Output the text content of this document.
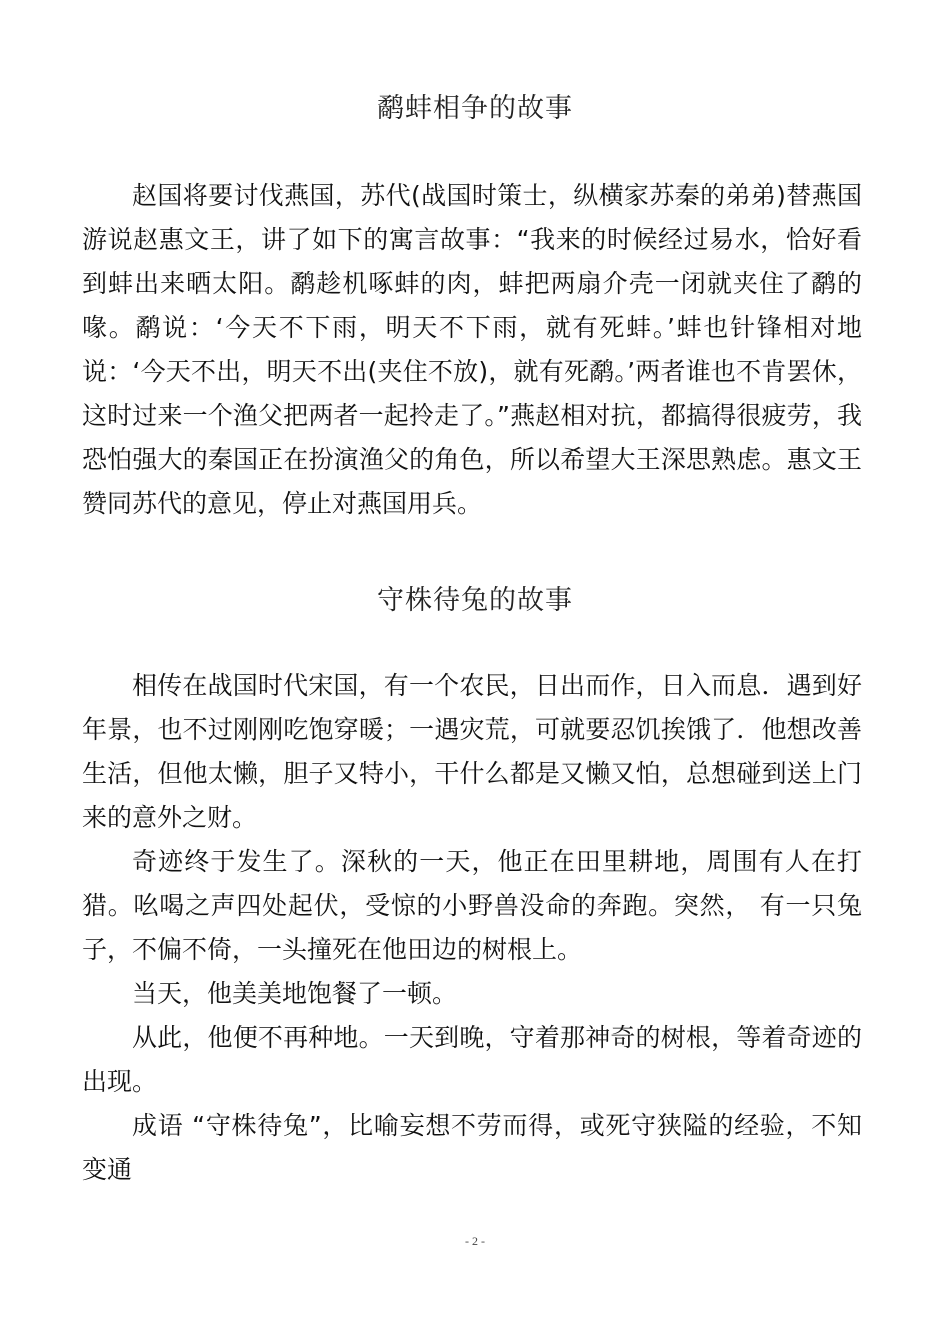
鹬蚌相争的故事

赵国将要讨伐燕国，苏代(战国时策士，纵横家苏秦的弟弟)替燕国游说赵惠文王，讲了如下的寓言故事：“我来的时候经过易水，恰好看到蚌出来晒太阳。鹬趁机啄蚌的肉，蚌把两扇介壳一闭就夹住了鹬的喙。鹬说：‘今天不下雨，明天不下雨，就有死蚌。’蚌也针锋相对地说：‘今天不出，明天不出(夹住不放)，就有死鹬。’两者谁也不肯罢休，这时过来一个渔父把两者一起拎走了。”燕赵相对抗，都搞得很疲劳，我恐怕强大的秦国正在扮演渔父的角色，所以希望大王深思熟虑。惠文王赞同苏代的意见，停止对燕国用兵。

守株待兔的故事

相传在战国时代宋国，有一个农民，日出而作，日入而息．遇到好年景，也不过刚刚吃饱穿暖；一遇灾荒，可就要忍饥挨饿了．他想改善生活，但他太懒，胆子又特小，干什么都是又懒又怕，总想碰到送上门来的意外之财。

奇迹终于发生了。深秋的一天，他正在田里耕地，周围有人在打猎。吆喝之声四处起伏，受惊的小野兽没命的奔跑。突然， 有一只兔子，不偏不倚，一头撞死在他田边的树根上。

当天，他美美地饱餐了一顿。

从此，他便不再种地。一天到晚，守着那神奇的树根，等着奇迹的出现。

成语 “守株待兔”，比喻妄想不劳而得，或死守狭隘的经验，不知变通

- 2 -
